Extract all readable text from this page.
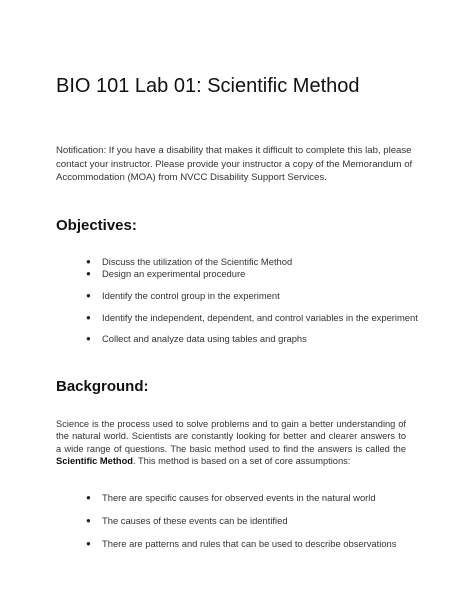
BIO 101 Lab 01: Scientific Method
Notification: If you have a disability that makes it difficult to complete this lab, please contact your instructor. Please provide your instructor a copy of the Memorandum of Accommodation (MOA) from NVCC Disability Support Services.
Objectives:
●	Discuss the utilization of the Scientific Method
●	Design an experimental procedure
●	Identify the control group in the experiment
●	Identify the independent, dependent, and control variables in the experiment
●	Collect and analyze data using tables and graphs
Background:
Science is the process used to solve problems and to gain a better understanding of the natural world. Scientists are constantly looking for better and clearer answers to a wide range of questions. The basic method used to find the answers is called the Scientific Method. This method is based on a set of core assumptions:
●	There are specific causes for observed events in the natural world
●	The causes of these events can be identified
●	There are patterns and rules that can be used to describe observations
